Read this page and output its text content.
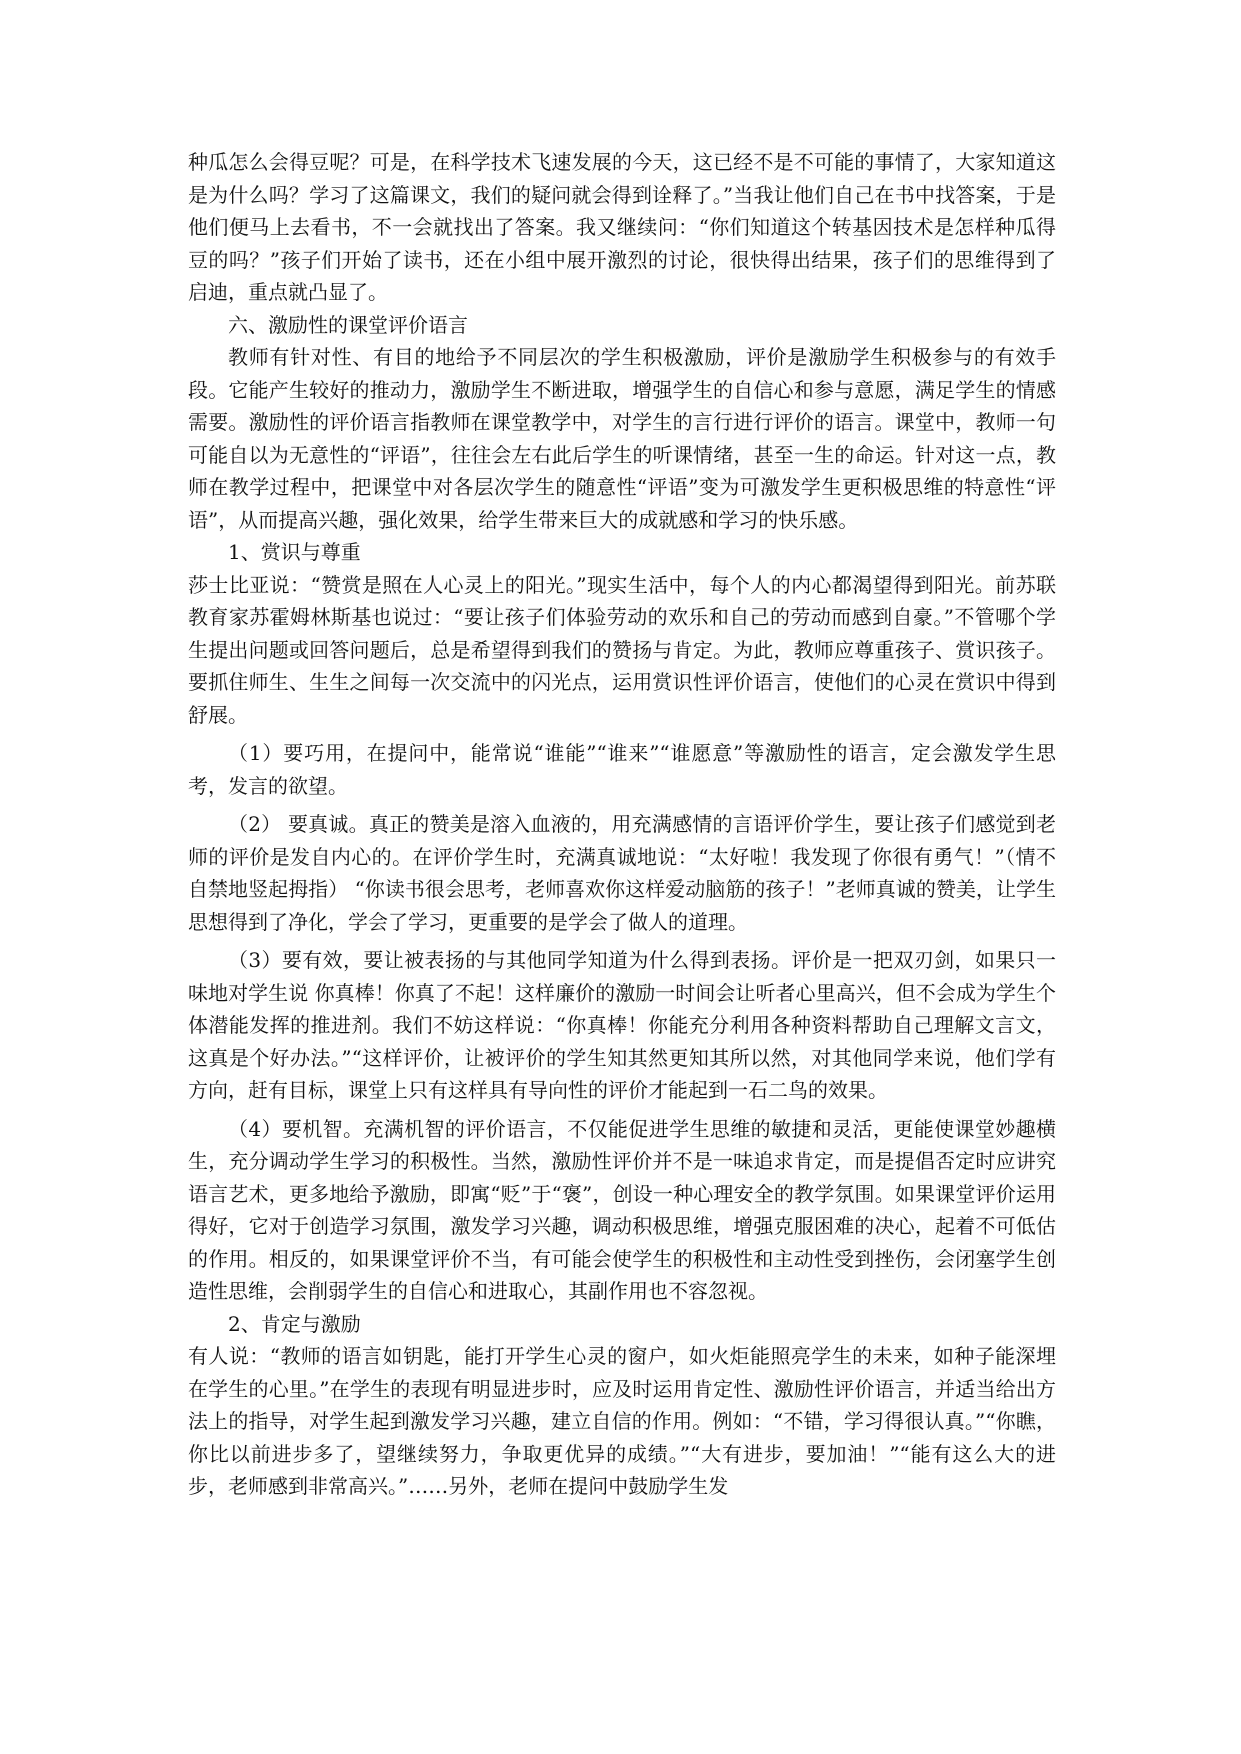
种瓜怎么会得豆呢？可是，在科学技术飞速发展的今天，这已经不是不可能的事情了，大家知道这是为什么吗？学习了这篇课文，我们的疑问就会得到诠释了。”当我让他们自己在书中找答案，于是他们便马上去看书，不一会就找出了答案。我又继续问：“你们知道这个转基因技术是怎样种瓜得豆的吗？”孩子们开始了读书，还在小组中展开激烈的讨论，很快得出结果，孩子们的思维得到了启迪，重点就凸显了。

六、激励性的课堂评价语言

教师有针对性、有目的地给予不同层次的学生积极激励，评价是激励学生积极参与的有效手段。它能产生较好的推动力，激励学生不断进取，增强学生的自信心和参与意愿，满足学生的情感需要。激励性的评价语言指教师在课堂教学中，对学生的言行进行评价的语言。课堂中，教师一句可能自以为无意性的“评语”，往往会左右此后学生的听课情绪，甚至一生的命运。针对这一点，教师在教学过程中，把课堂中对各层次学生的随意性“评语”变为可激发学生更积极思维的特意性“评语”，从而提高兴趣，强化效果，给学生带来巨大的成就感和学习的快乐感。

1、赏识与尊重

莎士比亚说：“赞赏是照在人心灵上的阳光。”现实生活中，每个人的内心都渴望得到阳光。前苏联教育家苏霍姆林斯基也说过：“要让孩子们体验劳动的欢乐和自己的劳动而感到自豪。”不管哪个学生提出问题或回答问题后，总是希望得到我们的赞扬与肯定。为此，教师应尊重孩子、赏识孩子。要抓住师生、生生之间每一次交流中的闪光点，运用赏识性评价语言，使他们的心灵在赏识中得到舒展。

（1）要巧用，在提问中，能常说“谁能”“谁来”“谁愿意”等激励性的语言，定会激发学生思考，发言的欲望。

（2） 要真诚。真正的赞美是溶入血液的，用充满感情的言语评价学生，要让孩子们感觉到老师的评价是发自内心的。在评价学生时，充满真诚地说：“太好啦！我发现了你很有勇气！”（情不自禁地竖起拇指） “你读书很会思考，老师喜欢你这样爱动脑筋的孩子！”老师真诚的赞美，让学生思想得到了净化，学会了学习，更重要的是学会了做人的道理。

（3）要有效，要让被表扬的与其他同学知道为什么得到表扬。评价是一把双刃剑，如果只一味地对学生说 你真棒！你真了不起！这样廉价的激励一时间会让听者心里高兴，但不会成为学生个体潜能发挥的推进剂。我们不妨这样说：“你真棒！你能充分利用各种资料帮助自己理解文言文，这真是个好办法。”“这样评价，让被评价的学生知其然更知其所以然，对其他同学来说，他们学有方向，赶有目标，课堂上只有这样具有导向性的评价才能起到一石二鸟的效果。

（4）要机智。充满机智的评价语言，不仅能促进学生思维的敏捷和灵活，更能使课堂妙趣横生，充分调动学生学习的积极性。当然，激励性评价并不是一味追求肯定，而是提倡否定时应讲究语言艺术，更多地给予激励，即寓“贬”于“褒”，创设一种心理安全的教学氛围。如果课堂评价运用得好，它对于创造学习氛围，激发学习兴趣，调动积极思维，增强克服困难的决心，起着不可低估的作用。相反的，如果课堂评价不当，有可能会使学生的积极性和主动性受到挫伤，会闭塞学生创造性思维，会削弱学生的自信心和进取心，其副作用也不容忽视。

2、肯定与激励

有人说：“教师的语言如钥匙，能打开学生心灵的窗户，如火炬能照亮学生的未来，如种子能深埋在学生的心里。”在学生的表现有明显进步时，应及时运用肯定性、激励性评价语言，并适当给出方法上的指导，对学生起到激发学习兴趣，建立自信的作用。例如：“不错，学习得很认真。”“你瞧，你比以前进步多了，望继续努力，争取更优异的成绩。”“大有进步，要加油！”“能有这么大的进步，老师感到非常高兴。”……另外，老师在提问中鼓励学生发
